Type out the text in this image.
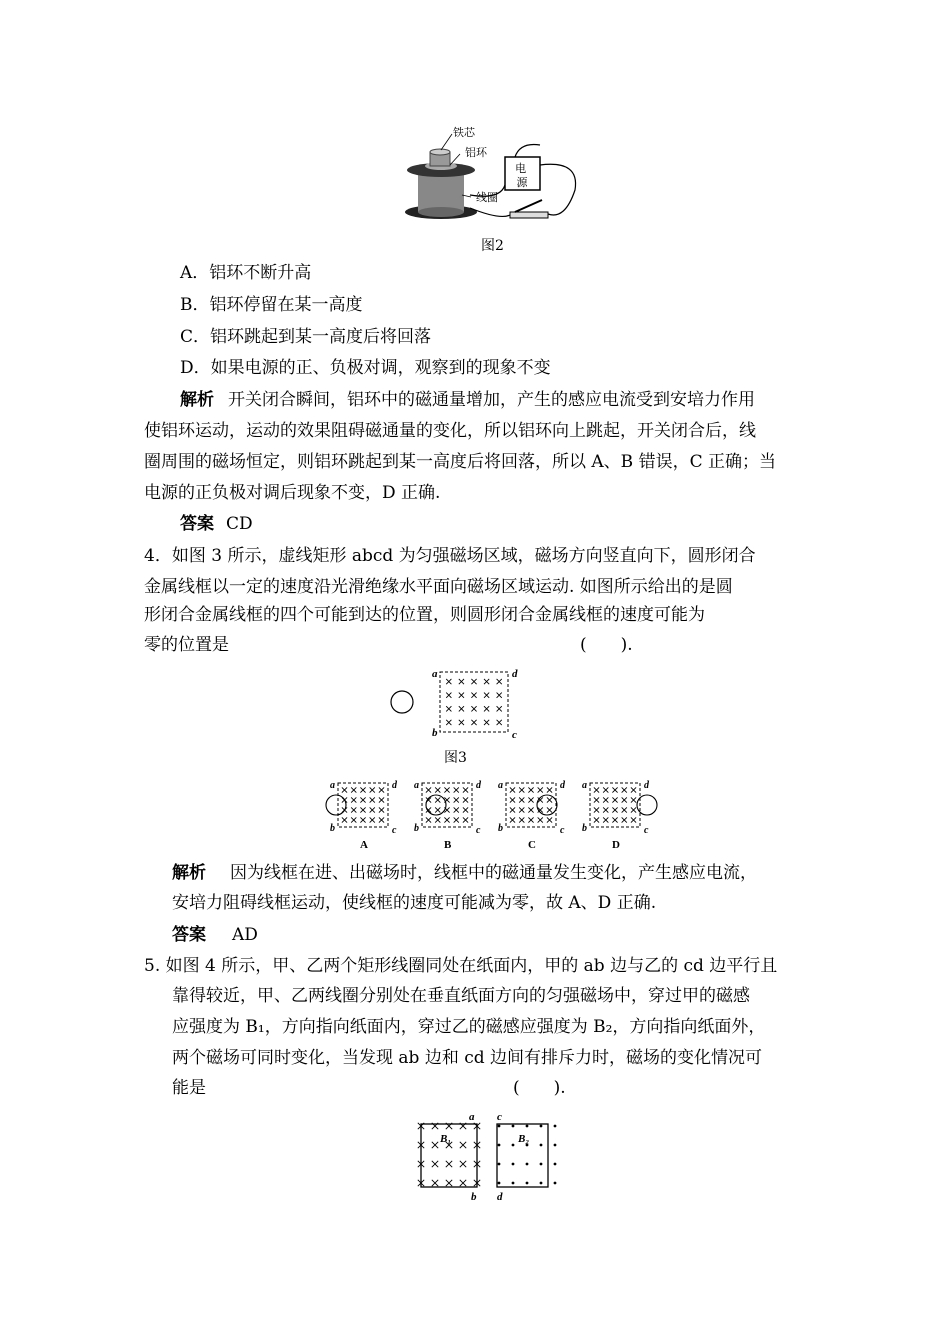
铁芯
铝环
线圈
电 源
图2
A．铝环不断升高
B．铝环停留在某一高度
C．铝环跳起到某一高度后将回落
D．如果电源的正、负极对调，观察到的现象不变
解析 开关闭合瞬间，铝环中的磁通量增加，产生的感应电流受到安培力作用
使铝环运动，运动的效果阻碍磁通量的变化，所以铝环向上跳起，开关闭合后，线
圈周围的磁场恒定，则铝环跳起到某一高度后将回落，所以 A、B 错误，C 正确；当
电源的正负极对调后现象不变，D 正确.
答案 CD
4．如图 3 所示，虚线矩形 abcd 为匀强磁场区域，磁场方向竖直向下，圆形闭合
金属线框以一定的速度沿光滑绝缘水平面向磁场区域运动. 如图所示给出的是圆
形闭合金属线框的四个可能到达的位置，则圆形闭合金属线框的速度可能为
零的位置是	(　　).
a	d
b	c
a	d
b	c
A
a	d
b	c
B
a	d
b	c
C
a	d
b	c
D
图3
解析 因为线框在进、出磁场时，线框中的磁通量发生变化，产生感应电流，
安培力阻碍线框运动，使线框的速度可能减为零，故 A、D 正确.
答案 AD
5. 如图 4 所示，甲、乙两个矩形线圈同处在纸面内，甲的 ab 边与乙的 cd 边平行且
靠得较近，甲、乙两线圈分别处在垂直纸面方向的匀强磁场中，穿过甲的磁感
应强度为 B₁，方向指向纸面内，穿过乙的磁感应强度为 B₂，方向指向纸面外，
两个磁场可同时变化，当发现 ab 边和 cd 边间有排斥力时，磁场的变化情况可
能是	(　　).
B₁
a
b
B₂
c
d
